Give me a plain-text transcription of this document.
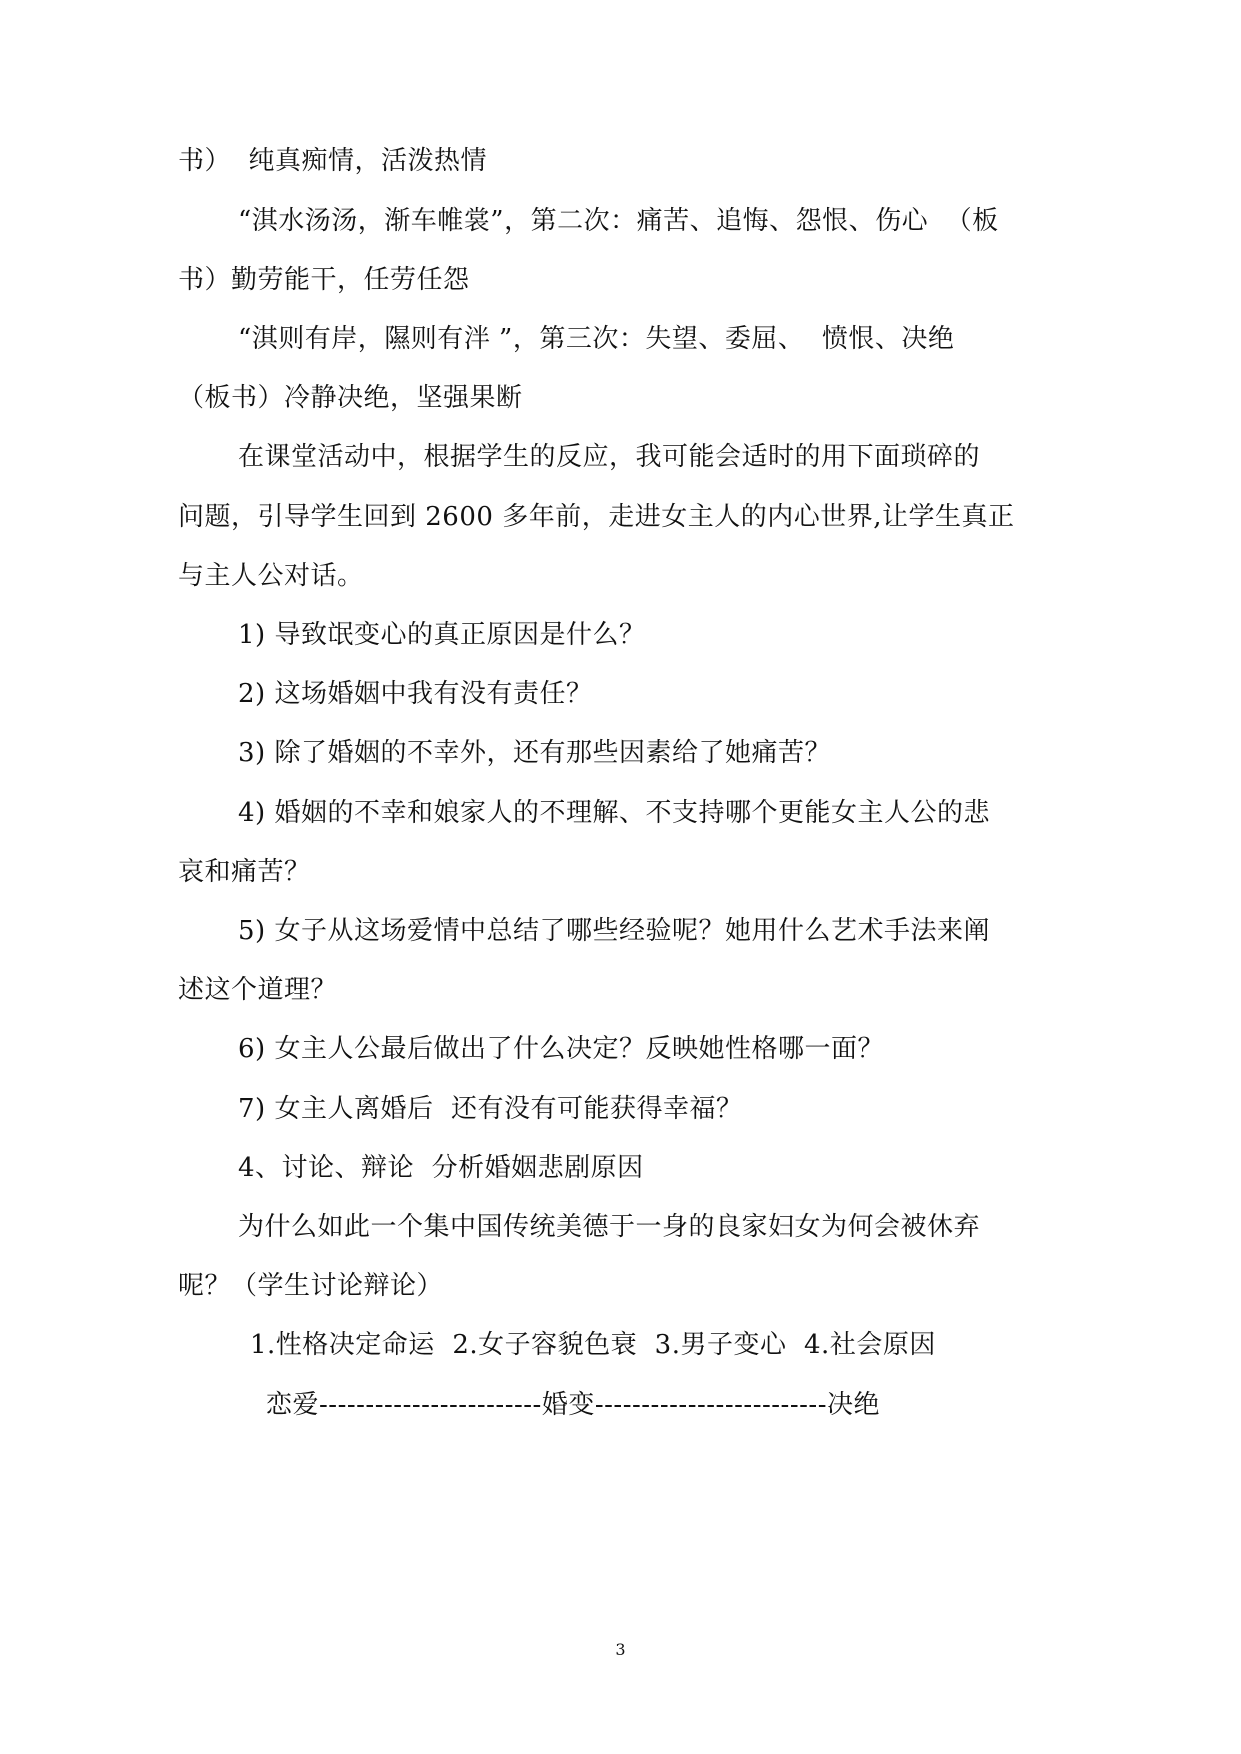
书）  纯真痴情，活泼热情
“淇水汤汤，渐车帷裳”，第二次：痛苦、追悔、怨恨、伤心  （板
书）勤劳能干，任劳任怨
“淇则有岸，隰则有泮 ”，第三次：失望、委屈、  愤恨、决绝
（板书）冷静决绝，坚强果断
在课堂活动中，根据学生的反应，我可能会适时的用下面琐碎的
问题，引导学生回到 2600 多年前，走进女主人的内心世界,让学生真正
与主人公对话。
1) 导致氓变心的真正原因是什么？
2) 这场婚姻中我有没有责任？
3) 除了婚姻的不幸外，还有那些因素给了她痛苦？
4) 婚姻的不幸和娘家人的不理解、不支持哪个更能女主人公的悲
哀和痛苦？
5) 女子从这场爱情中总结了哪些经验呢？她用什么艺术手法来阐
述这个道理？
6) 女主人公最后做出了什么决定？反映她性格哪一面？
7) 女主人离婚后  还有没有可能获得幸福？
4、讨论、辩论  分析婚姻悲剧原因
为什么如此一个集中国传统美德于一身的良家妇女为何会被休弃
呢？（学生讨论辩论）
1.性格决定命运  2.女子容貌色衰  3.男子变心  4.社会原因
恋爱------------------------婚变-------------------------决绝
3
